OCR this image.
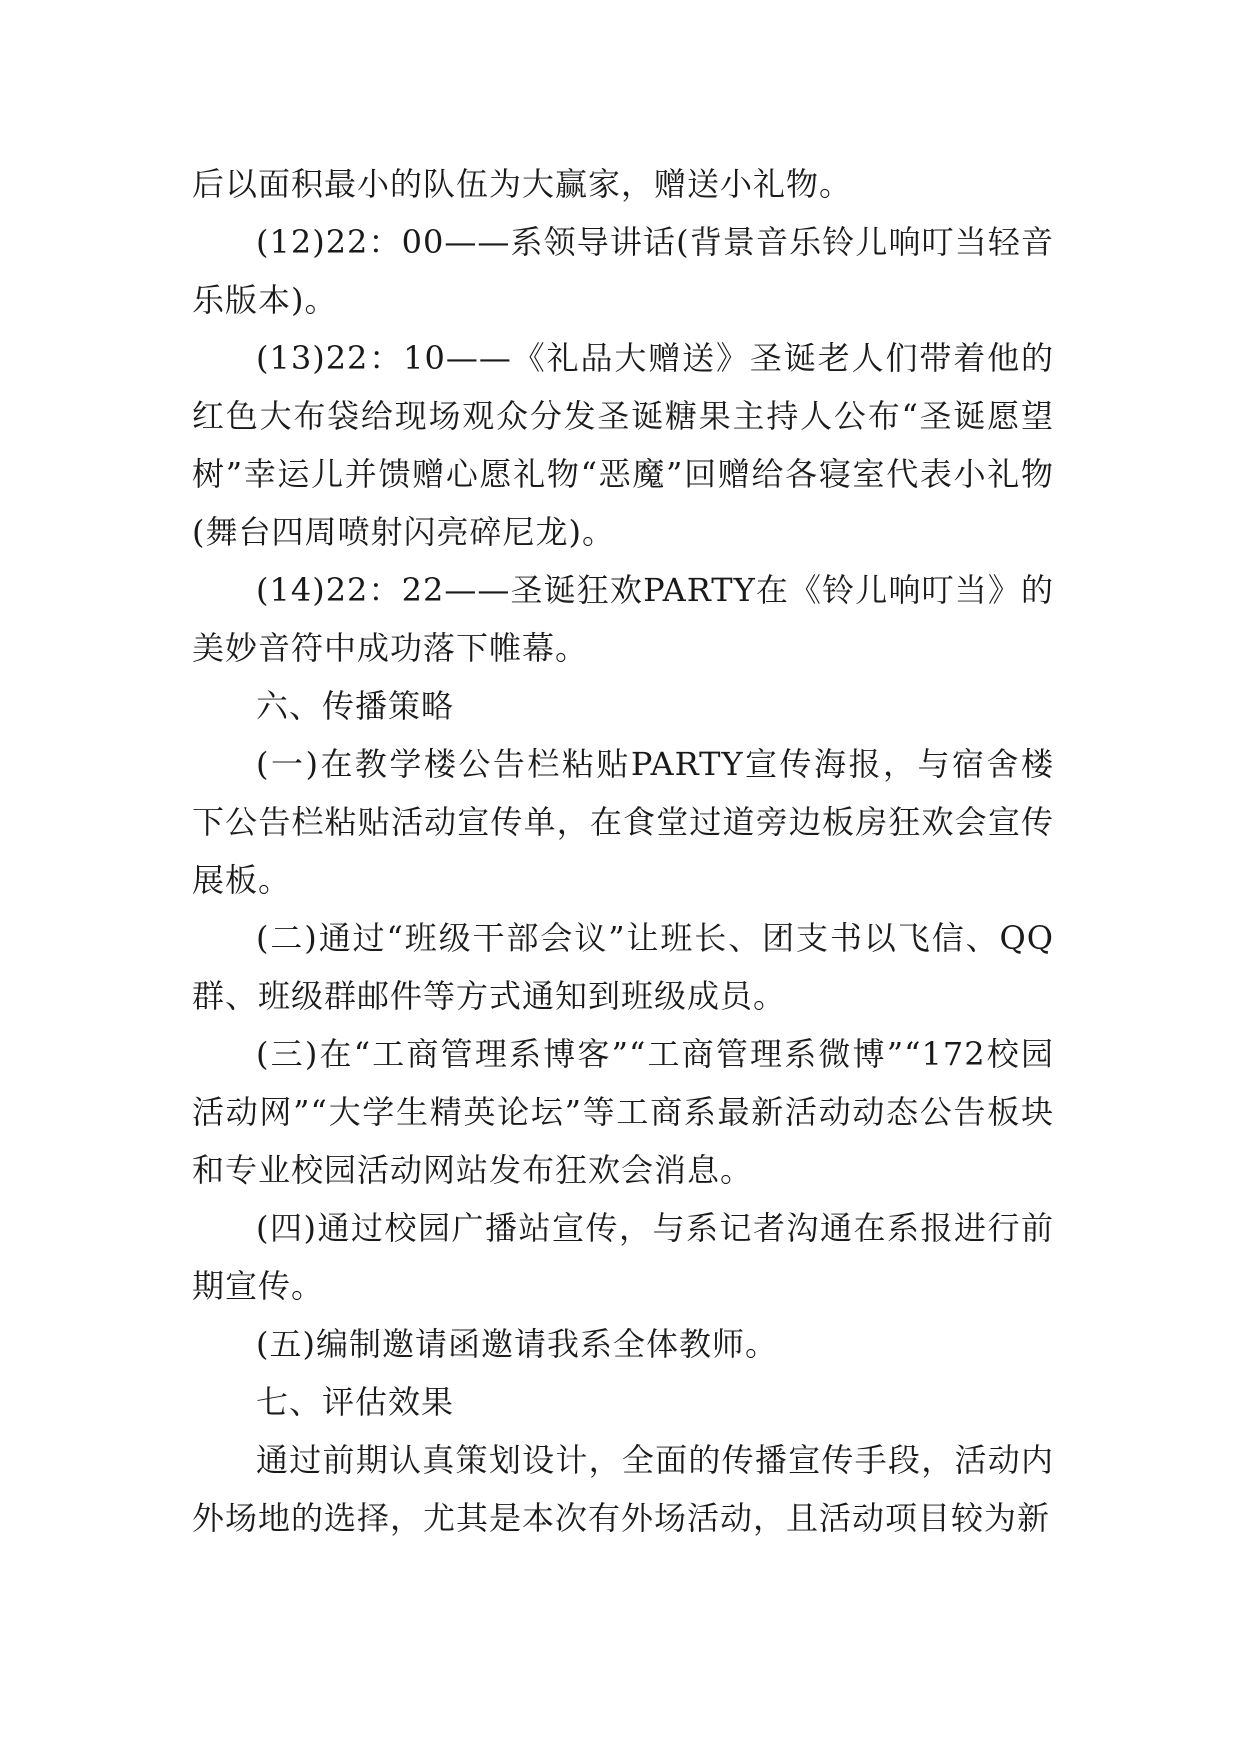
后以面积最小的队伍为大赢家，赠送小礼物。

(12)22：00——系领导讲话(背景音乐铃儿响叮当轻音乐版本)。

(13)22：10——《礼品大赠送》圣诞老人们带着他的红色大布袋给现场观众分发圣诞糖果主持人公布“圣诞愿望树”幸运儿并馈赠心愿礼物“恶魔”回赠给各寝室代表小礼物(舞台四周喷射闪亮碎尼龙)。

(14)22：22——圣诞狂欢PARTY在《铃儿响叮当》的美妙音符中成功落下帷幕。

六、传播策略

(一)在教学楼公告栏粘贴PARTY宣传海报，与宿舍楼下公告栏粘贴活动宣传单，在食堂过道旁边板房狂欢会宣传展板。

(二)通过“班级干部会议”让班长、团支书以飞信、QQ群、班级群邮件等方式通知到班级成员。

(三)在“工商管理系博客”“工商管理系微博”“172校园活动网”“大学生精英论坛”等工商系最新活动动态公告板块和专业校园活动网站发布狂欢会消息。

(四)通过校园广播站宣传，与系记者沟通在系报进行前期宣传。

(五)编制邀请函邀请我系全体教师。

七、评估效果

通过前期认真策划设计，全面的传播宣传手段，活动内外场地的选择，尤其是本次有外场活动，且活动项目较为新
